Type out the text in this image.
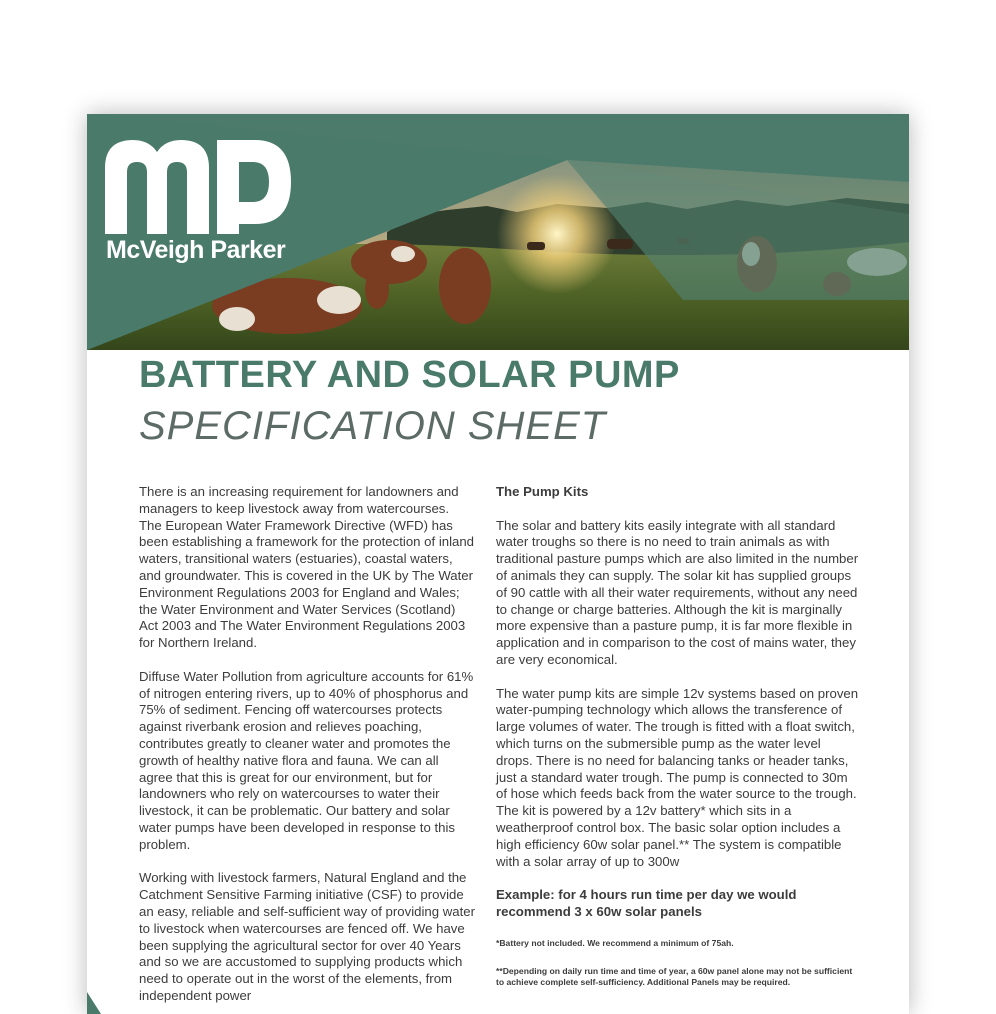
McVeigh Parker
BATTERY AND SOLAR PUMP
SPECIFICATION SHEET

There is an increasing requirement for landowners and managers to keep livestock away from watercourses. The European Water Framework Directive (WFD) has been establishing a framework for the protection of inland waters, transitional waters (estuaries), coastal waters, and groundwater. This is covered in the UK by The Water Environment Regulations 2003 for England and Wales; the Water Environment and Water Services (Scotland) Act 2003 and The Water Environment Regulations 2003 for Northern Ireland.

Diffuse Water Pollution from agriculture accounts for 61% of nitrogen entering rivers, up to 40% of phosphorus and 75% of sediment. Fencing off watercourses protects against riverbank erosion and relieves poaching, contributes greatly to cleaner water and promotes the growth of healthy native flora and fauna. We can all agree that this is great for our environment, but for landowners who rely on watercourses to water their livestock, it can be problematic. Our battery and solar water pumps have been developed in response to this problem.

Working with livestock farmers, Natural England and the Catchment Sensitive Farming initiative (CSF) to provide an easy, reliable and self-sufficient way of providing water to livestock when watercourses are fenced off. We have been supplying the agricultural sector for over 40 Years and so we are accustomed to supplying products which need to operate out in the worst of the elements, from independent power

The Pump Kits

The solar and battery kits easily integrate with all standard water troughs so there is no need to train animals as with traditional pasture pumps which are also limited in the number of animals they can supply. The solar kit has supplied groups of 90 cattle with all their water requirements, without any need to change or charge batteries. Although the kit is marginally more expensive than a pasture pump, it is far more flexible in application and in comparison to the cost of mains water, they are very economical.

The water pump kits are simple 12v systems based on proven water-pumping technology which allows the transference of large volumes of water. The trough is fitted with a float switch, which turns on the submersible pump as the water level drops. There is no need for balancing tanks or header tanks, just a standard water trough. The pump is connected to 30m of hose which feeds back from the water source to the trough. The kit is powered by a 12v battery* which sits in a weatherproof control box. The basic solar option includes a high efficiency 60w solar panel.** The system is compatible with a solar array of up to 300w

Example: for 4 hours run time per day we would recommend 3 x 60w solar panels

*Battery not included. We recommend a minimum of 75ah.

**Depending on daily run time and time of year, a 60w panel alone may not be sufficient to achieve complete self-sufficiency. Additional Panels may be required.
